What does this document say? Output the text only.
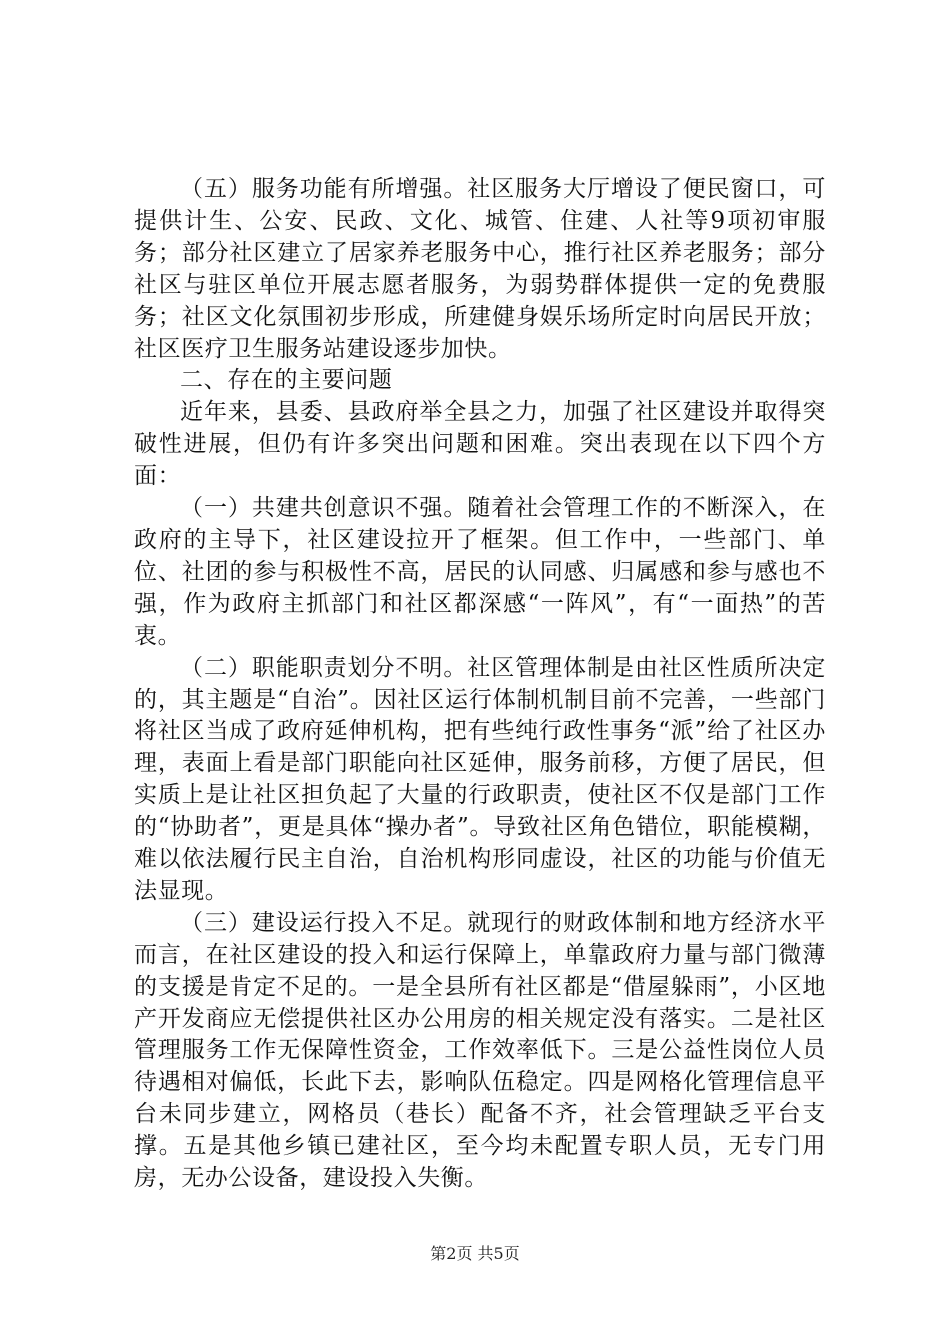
（五）服务功能有所增强。社区服务大厅增设了便民窗口，可提供计生、公安、民政、文化、城管、住建、人社等9项初审服务；部分社区建立了居家养老服务中心，推行社区养老服务；部分社区与驻区单位开展志愿者服务，为弱势群体提供一定的免费服务；社区文化氛围初步形成，所建健身娱乐场所定时向居民开放；社区医疗卫生服务站建设逐步加快。

二、存在的主要问题

近年来，县委、县政府举全县之力，加强了社区建设并取得突破性进展，但仍有许多突出问题和困难。突出表现在以下四个方面：

（一）共建共创意识不强。随着社会管理工作的不断深入，在政府的主导下，社区建设拉开了框架。但工作中，一些部门、单位、社团的参与积极性不高，居民的认同感、归属感和参与感也不强，作为政府主抓部门和社区都深感“一阵风”，有“一面热”的苦衷。

（二）职能职责划分不明。社区管理体制是由社区性质所决定的，其主题是“自治”。因社区运行体制机制目前不完善，一些部门将社区当成了政府延伸机构，把有些纯行政性事务“派”给了社区办理，表面上看是部门职能向社区延伸，服务前移，方便了居民，但实质上是让社区担负起了大量的行政职责，使社区不仅是部门工作的“协助者”，更是具体“操办者”。导致社区角色错位，职能模糊，难以依法履行民主自治，自治机构形同虚设，社区的功能与价值无法显现。

（三）建设运行投入不足。就现行的财政体制和地方经济水平而言，在社区建设的投入和运行保障上，单靠政府力量与部门微薄的支援是肯定不足的。一是全县所有社区都是“借屋躲雨”，小区地产开发商应无偿提供社区办公用房的相关规定没有落实。二是社区管理服务工作无保障性资金，工作效率低下。三是公益性岗位人员待遇相对偏低，长此下去，影响队伍稳定。四是网格化管理信息平台未同步建立，网格员（巷长）配备不齐，社会管理缺乏平台支撑。五是其他乡镇已建社区，至今均未配置专职人员，无专门用房，无办公设备，建设投入失衡。

第2页 共5页
